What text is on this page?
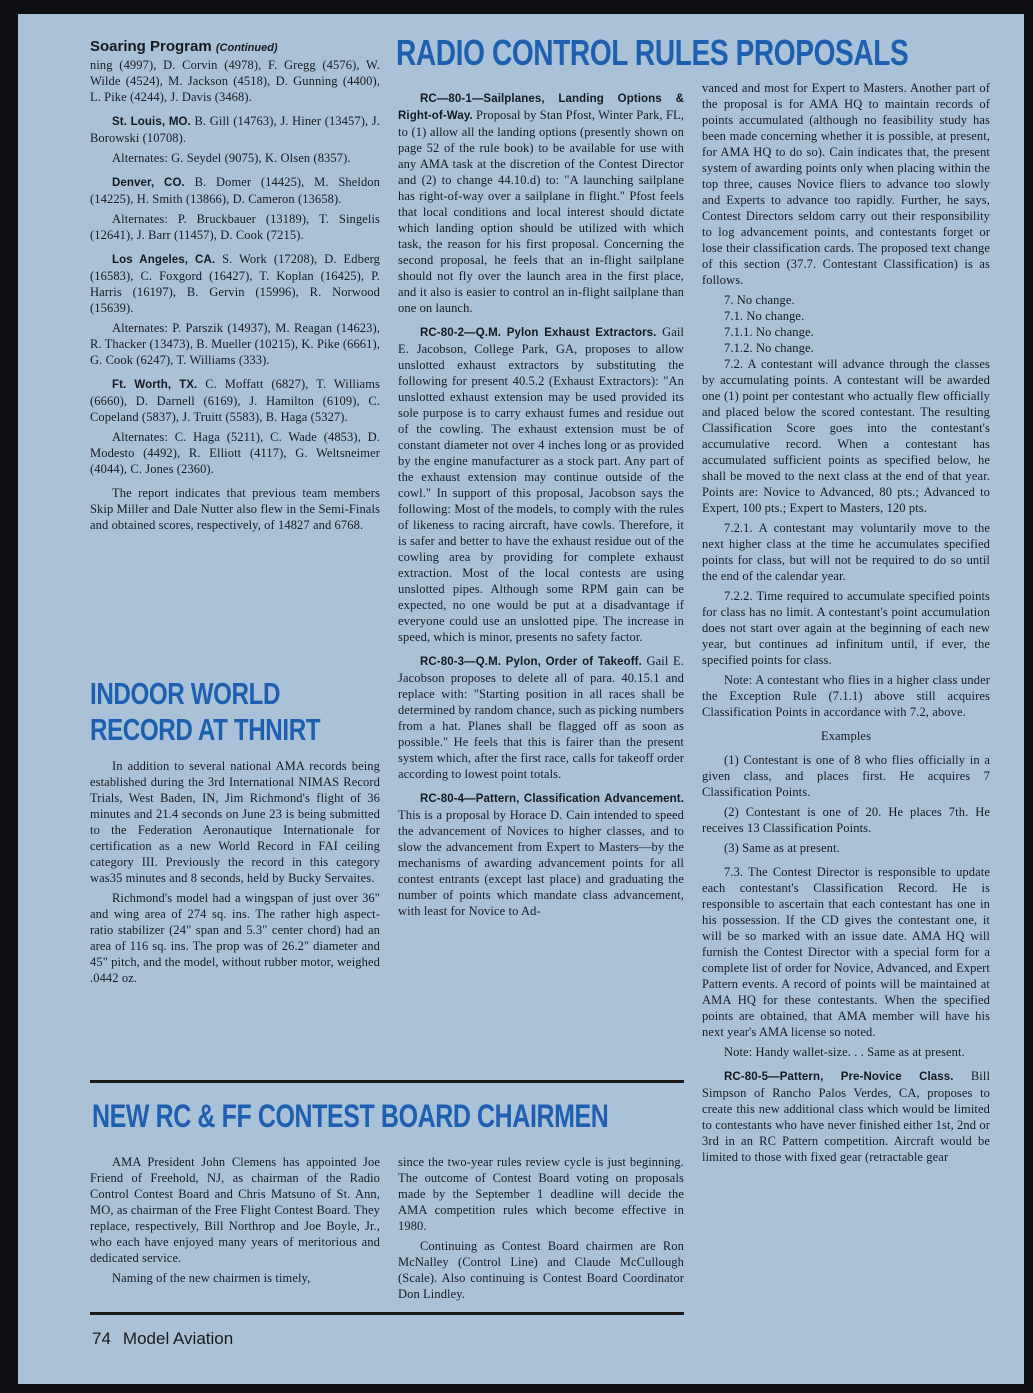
Soaring Program (Continued)

ning (4997), D. Corvin (4978), F. Gregg (4576), W. Wilde (4524), M. Jackson (4518), D. Gunning (4400), L. Pike (4244), J. Davis (3468).

St. Louis, MO. B. Gill (14763), J. Hiner (13457), J. Borowski (10708).

Alternates: G. Seydel (9075), K. Olsen (8357).

Denver, CO. B. Domer (14425), M. Sheldon (14225), H. Smith (13866), D. Cameron (13658).

Alternates: P. Bruckbauer (13189), T. Singelis (12641), J. Barr (11457), D. Cook (7215).

Los Angeles, CA. S. Work (17208), D. Edberg (16583), C. Foxgord (16427), T. Koplan (16425), P. Harris (16197), B. Gervin (15996), R. Norwood (15639).

Alternates: P. Parszik (14937), M. Reagan (14623), R. Thacker (13473), B. Mueller (10215), K. Pike (6661), G. Cook (6247), T. Williams (333).

Ft. Worth, TX. C. Moffatt (6827), T. Williams (6660), D. Darnell (6169), J. Hamilton (6109), C. Copeland (5837), J. Truitt (5583), B. Haga (5327).

Alternates: C. Haga (5211), C. Wade (4853), D. Modesto (4492), R. Elliott (4117), G. Weltsneimer (4044), C. Jones (2360).

The report indicates that previous team members Skip Miller and Dale Nutter also flew in the Semi-Finals and obtained scores, respectively, of 14827 and 6768.

INDOOR WORLD
RECORD AT THNIRT

In addition to several national AMA records being established during the 3rd International NIMAS Record Trials, West Baden, IN, Jim Richmond's flight of 36 minutes and 21.4 seconds on June 23 is being submitted to the Federation Aeronautique Internationale for certification as a new World Record in FAI ceiling category III. Previously the record in this category was35 minutes and 8 seconds, held by Bucky Servaites.

Richmond's model had a wingspan of just over 36" and wing area of 274 sq. ins. The rather high aspect-ratio stabilizer (24" span and 5.3" center chord) had an area of 116 sq. ins. The prop was of 26.2" diameter and 45" pitch, and the model, without rubber motor, weighed .0442 oz.

RADIO CONTROL RULES PROPOSALS

RC—80-1—Sailplanes, Landing Options & Right-of-Way. Proposal by Stan Pfost, Winter Park, FL, to (1) allow all the landing options (presently shown on page 52 of the rule book) to be available for use with any AMA task at the discretion of the Contest Director and (2) to change 44.10.d) to: "A launching sailplane has right-of-way over a sailplane in flight." Pfost feels that local conditions and local interest should dictate which landing option should be utilized with which task, the reason for his first proposal. Concerning the second proposal, he feels that an in-flight sailplane should not fly over the launch area in the first place, and it also is easier to control an in-flight sailplane than one on launch.

RC-80-2—Q.M. Pylon Exhaust Extractors. Gail E. Jacobson, College Park, GA, proposes to allow unslotted exhaust extractors by substituting the following for present 40.5.2 (Exhaust Extractors): "An unslotted exhaust extension may be used provided its sole purpose is to carry exhaust fumes and residue out of the cowling. The exhaust extension must be of constant diameter not over 4 inches long or as provided by the engine manufacturer as a stock part. Any part of the exhaust extension may continue outside of the cowl." In support of this proposal, Jacobson says the following: Most of the models, to comply with the rules of likeness to racing aircraft, have cowls. Therefore, it is safer and better to have the exhaust residue out of the cowling area by providing for complete exhaust extraction. Most of the local contests are using unslotted pipes. Although some RPM gain can be expected, no one would be put at a disadvantage if everyone could use an unslotted pipe. The increase in speed, which is minor, presents no safety factor.

RC-80-3—Q.M. Pylon, Order of Takeoff. Gail E. Jacobson proposes to delete all of para. 40.15.1 and replace with: "Starting position in all races shall be determined by random chance, such as picking numbers from a hat. Planes shall be flagged off as soon as possible." He feels that this is fairer than the present system which, after the first race, calls for takeoff order according to lowest point totals.

RC-80-4—Pattern, Classification Advancement. This is a proposal by Horace D. Cain intended to speed the advancement of Novices to higher classes, and to slow the advancement from Expert to Masters—by the mechanisms of awarding advancement points for all contest entrants (except last place) and graduating the number of points which mandate class advancement, with least for Novice to Ad-

vanced and most for Expert to Masters. Another part of the proposal is for AMA HQ to maintain records of points accumulated (although no feasibility study has been made concerning whether it is possible, at present, for AMA HQ to do so). Cain indicates that, the present system of awarding points only when placing within the top three, causes Novice fliers to advance too slowly and Experts to advance too rapidly. Further, he says, Contest Directors seldom carry out their responsibility to log advancement points, and contestants forget or lose their classification cards. The proposed text change of this section (37.7. Contestant Classification) is as follows.

7. No change.

7.1. No change.

7.1.1. No change.

7.1.2. No change.

7.2. A contestant will advance through the classes by accumulating points. A contestant will be awarded one (1) point per contestant who actually flew officially and placed below the scored contestant. The resulting Classification Score goes into the contestant's accumulative record. When a contestant has accumulated sufficient points as specified below, he shall be moved to the next class at the end of that year. Points are: Novice to Advanced, 80 pts.; Advanced to Expert, 100 pts.; Expert to Masters, 120 pts.

7.2.1. A contestant may voluntarily move to the next higher class at the time he accumulates specified points for class, but will not be required to do so until the end of the calendar year.

7.2.2. Time required to accumulate specified points for class has no limit. A contestant's point accumulation does not start over again at the beginning of each new year, but continues ad infinitum until, if ever, the specified points for class.

Note: A contestant who flies in a higher class under the Exception Rule (7.1.1) above still acquires Classification Points in accordance with 7.2, above.

Examples

(1) Contestant is one of 8 who flies officially in a given class, and places first. He acquires 7 Classification Points.

(2) Contestant is one of 20. He places 7th. He receives 13 Classification Points.

(3) Same as at present.

7.3. The Contest Director is responsible to update each contestant's Classification Record. He is responsible to ascertain that each contestant has one in his possession. If the CD gives the contestant one, it will be so marked with an issue date. AMA HQ will furnish the Contest Director with a special form for a complete list of order for Novice, Advanced, and Expert Pattern events. A record of points will be maintained at AMA HQ for these contestants. When the specified points are obtained, that AMA member will have his next year's AMA license so noted.

Note: Handy wallet-size. . . Same as at present.

RC-80-5—Pattern, Pre-Novice Class. Bill Simpson of Rancho Palos Verdes, CA, proposes to create this new additional class which would be limited to contestants who have never finished either 1st, 2nd or 3rd in an RC Pattern competition. Aircraft would be limited to those with fixed gear (retractable gear

NEW RC & FF CONTEST BOARD CHAIRMEN

AMA President John Clemens has appointed Joe Friend of Freehold, NJ, as chairman of the Radio Control Contest Board and Chris Matsuno of St. Ann, MO, as chairman of the Free Flight Contest Board. They replace, respectively, Bill Northrop and Joe Boyle, Jr., who each have enjoyed many years of meritorious and dedicated service.

Naming of the new chairmen is timely,

since the two-year rules review cycle is just beginning. The outcome of Contest Board voting on proposals made by the September 1 deadline will decide the AMA competition rules which become effective in 1980.

Continuing as Contest Board chairmen are Ron McNalley (Control Line) and Claude McCullough (Scale). Also continuing is Contest Board Coordinator Don Lindley.

74 Model Aviation
